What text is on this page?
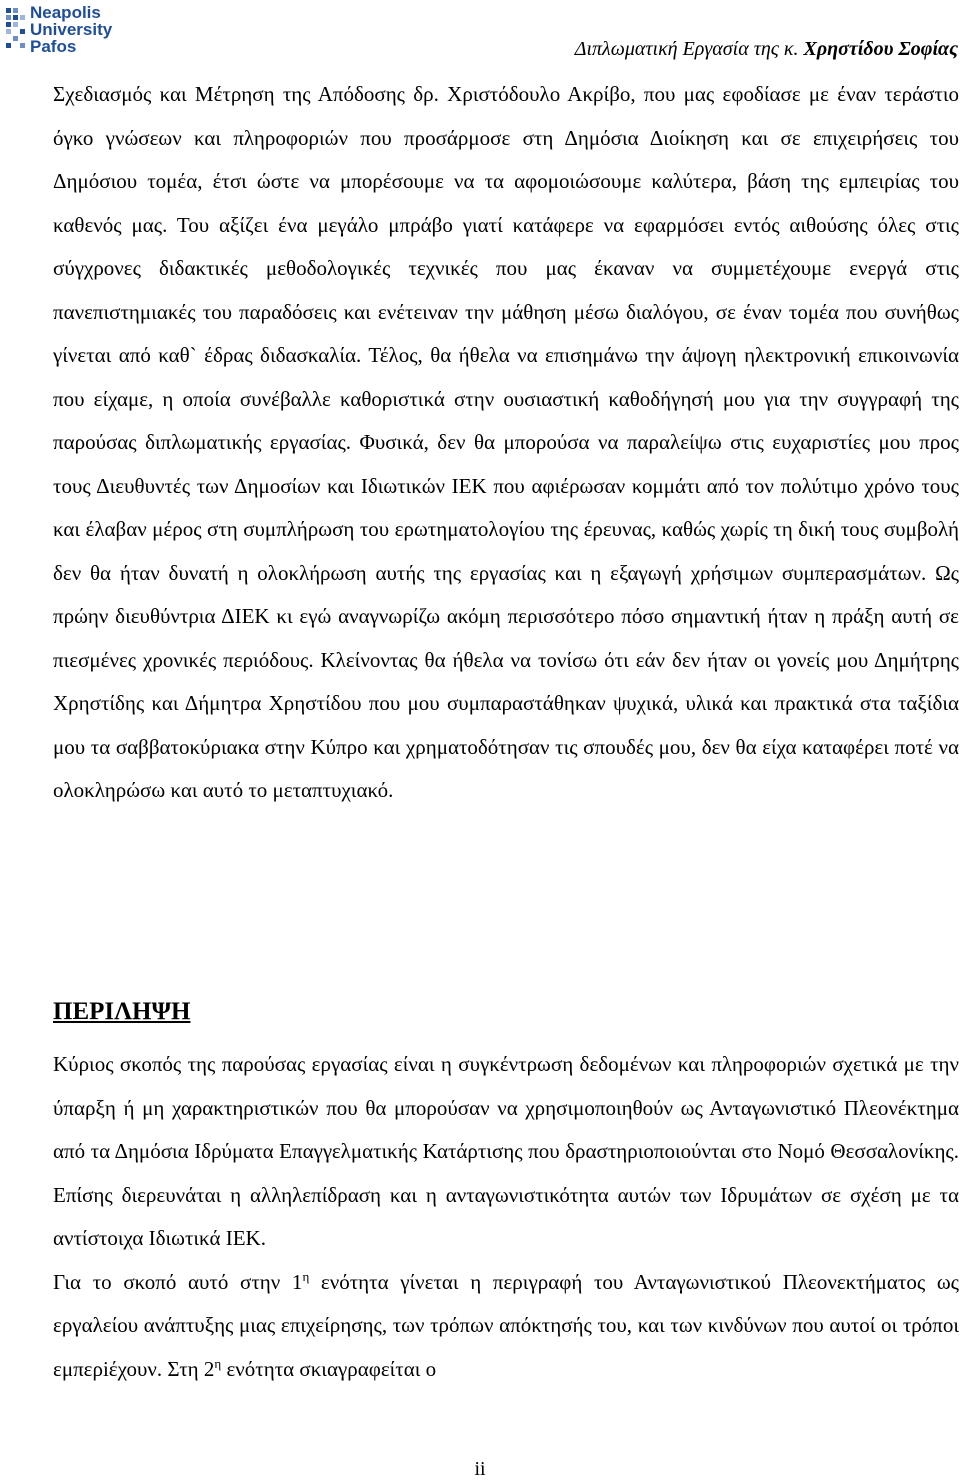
Neapolis
University
Pafos	Διπλωματική Εργασία της κ. Χρηστίδου Σοφίας

Σχεδιασμός και Μέτρηση της Απόδοσης δρ. Χριστόδουλο Ακρίβο, που μας εφοδίασε με έναν τεράστιο όγκο γνώσεων και πληροφοριών που προσάρμοσε στη Δημόσια Διοίκηση και σε επιχειρήσεις του Δημόσιου τομέα, έτσι ώστε να μπορέσουμε να τα αφομοιώσουμε καλύτερα, βάση της εμπειρίας του καθενός μας. Του αξίζει ένα μεγάλο μπράβο γιατί κατάφερε να εφαρμόσει εντός αιθούσης όλες στις σύγχρονες διδακτικές μεθοδολογικές τεχνικές που μας έκαναν να συμμετέχουμε ενεργά στις πανεπιστημιακές του παραδόσεις και ενέτειναν την μάθηση μέσω διαλόγου, σε έναν τομέα που συνήθως γίνεται από καθ` έδρας διδασκαλία. Τέλος, θα ήθελα να επισημάνω την άψογη ηλεκτρονική επικοινωνία που είχαμε, η οποία συνέβαλλε καθοριστικά στην ουσιαστική καθοδήγησή μου για την συγγραφή της παρούσας διπλωματικής εργασίας. Φυσικά, δεν θα μπορούσα να παραλείψω στις ευχαριστίες μου προς τους Διευθυντές των Δημοσίων και Ιδιωτικών ΙΕΚ που αφιέρωσαν κομμάτι από τον πολύτιμο χρόνο τους και έλαβαν μέρος στη συμπλήρωση του ερωτηματολογίου της έρευνας, καθώς χωρίς τη δική τους συμβολή δεν θα ήταν δυνατή η ολοκλήρωση αυτής της εργασίας και η εξαγωγή χρήσιμων συμπερασμάτων. Ως πρώην διευθύντρια ΔΙΕΚ κι εγώ αναγνωρίζω ακόμη περισσότερο πόσο σημαντική ήταν η πράξη αυτή σε πιεσμένες χρονικές περιόδους. Κλείνοντας θα ήθελα να τονίσω ότι εάν δεν ήταν οι γονείς μου Δημήτρης Χρηστίδης και Δήμητρα Χρηστίδου που μου συμπαραστάθηκαν ψυχικά, υλικά και πρακτικά στα ταξίδια μου τα σαββατοκύριακα στην Κύπρο και χρηματοδότησαν τις σπουδές μου, δεν θα είχα καταφέρει ποτέ να ολοκληρώσω και αυτό το μεταπτυχιακό.

ΠΕΡΙΛΗΨΗ

Κύριος σκοπός της παρούσας εργασίας είναι η συγκέντρωση δεδομένων και πληροφοριών σχετικά με την ύπαρξη ή μη χαρακτηριστικών που θα μπορούσαν να χρησιμοποιηθούν ως Ανταγωνιστικό Πλεονέκτημα από τα Δημόσια Ιδρύματα Επαγγελματικής Κατάρτισης που δραστηριοποιούνται στο Νομό Θεσσαλονίκης. Επίσης διερευνάται η αλληλεπίδραση και η ανταγωνιστικότητα αυτών των Ιδρυμάτων σε σχέση με τα αντίστοιχα Ιδιωτικά ΙΕΚ.

Για το σκοπό αυτό στην $1^\eta$ ενότητα γίνεται η περιγραφή του Ανταγωνιστικού Πλεονεκτήματος ως εργαλείου ανάπτυξης μιας επιχείρησης, των τρόπων απόκτησής του, και των κινδύνων που αυτοί οι τρόποι εμπερiέχουν. Στη $2^\eta$ ενότητα σκιαγραφείται ο

ii
